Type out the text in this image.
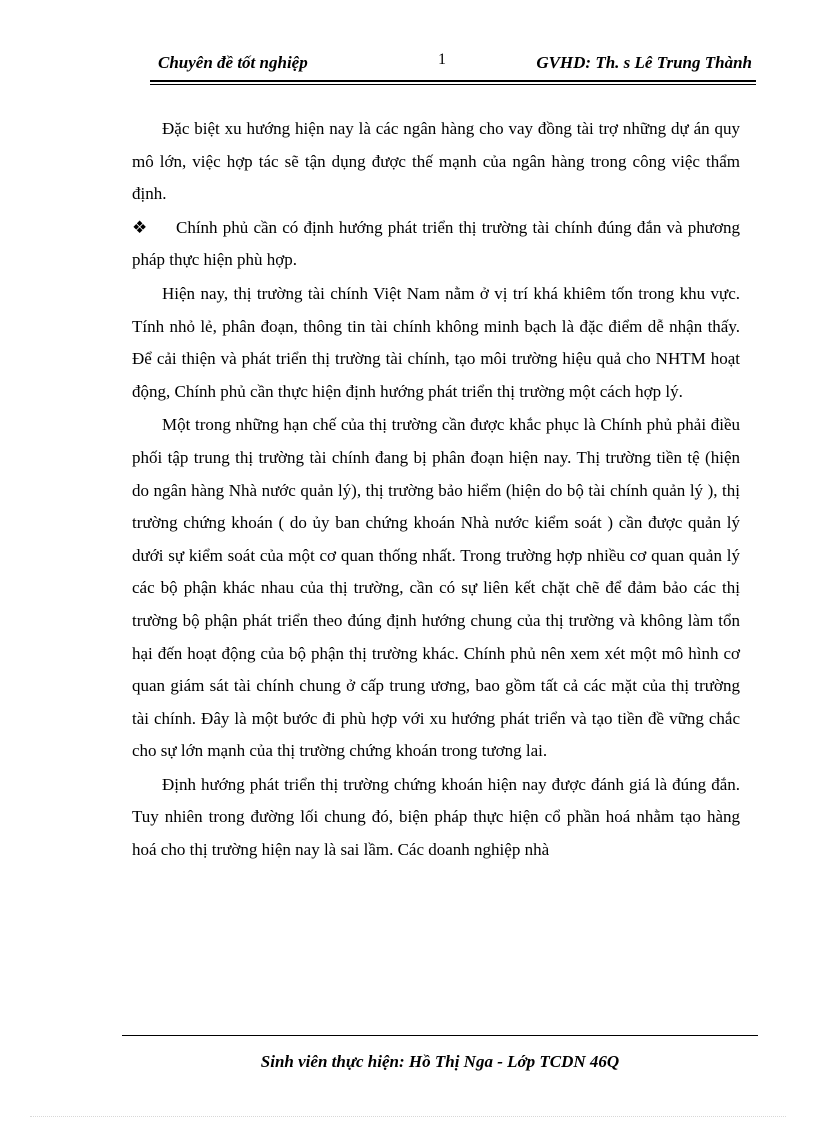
Chuyên đề tốt nghiệp	1	GVHD: Th. s Lê Trung Thành

Đặc biệt xu hướng hiện nay là các ngân hàng cho vay đồng tài trợ những dự án quy mô lớn, việc hợp tác sẽ tận dụng được thế mạnh của ngân hàng trong công việc thẩm định.

❖ Chính phủ cần có định hướng phát triển thị trường tài chính đúng đắn và phương pháp thực hiện phù hợp.

Hiện nay, thị trường tài chính Việt Nam nằm ở vị trí khá khiêm tốn trong khu vực. Tính nhỏ lẻ, phân đoạn, thông tin tài chính không minh bạch là đặc điểm dễ nhận thấy. Để cải thiện và phát triển thị trường tài chính, tạo môi trường hiệu quả cho NHTM hoạt động, Chính phủ cần thực hiện định hướng phát triển thị trường một cách hợp lý.

Một trong những hạn chế của thị trường cần được khắc phục là Chính phủ phải điều phối tập trung thị trường tài chính đang bị phân đoạn hiện nay. Thị trường tiền tệ (hiện do ngân hàng Nhà nước quản lý), thị trường bảo hiểm (hiện do bộ tài chính quản lý ), thị trường chứng khoán ( do ủy ban chứng khoán Nhà nước kiểm soát ) cần được quản lý dưới sự kiểm soát của một cơ quan thống nhất. Trong trường hợp nhiều cơ quan quản lý các bộ phận khác nhau của thị trường, cần có sự liên kết chặt chẽ để đảm bảo các thị trường bộ phận phát triển theo đúng định hướng chung của thị trường và không làm tổn hại đến hoạt động của bộ phận thị trường khác. Chính phủ nên xem xét một mô hình cơ quan giám sát tài chính chung ở cấp trung ương, bao gồm tất cả các mặt của thị trường tài chính. Đây là một bước đi phù hợp với xu hướng phát triển và tạo tiền đề vững chắc cho sự lớn mạnh của thị trường chứng khoán trong tương lai.

Định hướng phát triển thị trường chứng khoán hiện nay được đánh giá là đúng đắn. Tuy nhiên trong đường lối chung đó, biện pháp thực hiện cổ phần hoá nhằm tạo hàng hoá cho thị trường hiện nay là sai lầm. Các doanh nghiệp nhà

Sinh viên thực hiện: Hồ Thị Nga - Lớp TCDN 46Q
